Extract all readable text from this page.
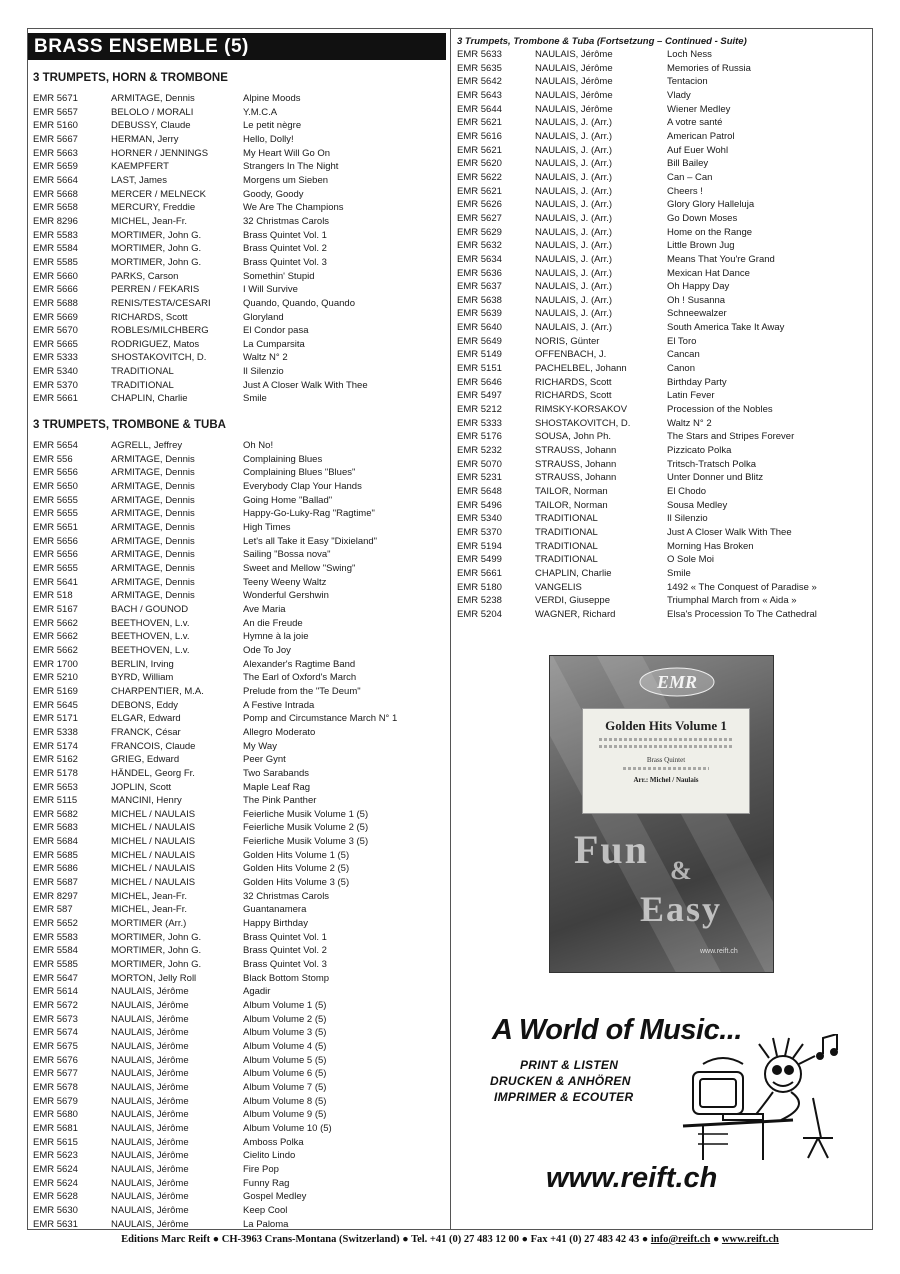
BRASS ENSEMBLE (5)
3 TRUMPETS, HORN & TROMBONE
EMR 5671	ARMITAGE, Dennis	Alpine Moods
EMR 5657	BELOLO / MORALI	Y.M.C.A
EMR 5160	DEBUSSY, Claude	Le petit nègre
EMR 5667	HERMAN, Jerry	Hello, Dolly!
EMR 5663	HORNER / JENNINGS	My Heart Will Go On
EMR 5659	KAEMPFERT	Strangers In The Night
EMR 5664	LAST, James	Morgens um Sieben
EMR 5668	MERCER / MELNECK	Goody, Goody
EMR 5658	MERCURY, Freddie	We Are The Champions
EMR 8296	MICHEL, Jean-Fr.	32 Christmas Carols
EMR 5583	MORTIMER, John G.	Brass Quintet Vol. 1
EMR 5584	MORTIMER, John G.	Brass Quintet Vol. 2
EMR 5585	MORTIMER, John G.	Brass Quintet Vol. 3
EMR 5660	PARKS, Carson	Somethin' Stupid
EMR 5666	PERREN / FEKARIS	I Will Survive
EMR 5688	RENIS/TESTA/CESARI	Quando, Quando, Quando
EMR 5669	RICHARDS, Scott	Gloryland
EMR 5670	ROBLES/MILCHBERG	El Condor pasa
EMR 5665	RODRIGUEZ, Matos	La Cumparsita
EMR 5333	SHOSTAKOVITCH, D.	Waltz N° 2
EMR 5340	TRADITIONAL	Il Silenzio
EMR 5370	TRADITIONAL	Just A Closer Walk With Thee
EMR 5661	CHAPLIN, Charlie	Smile
3 TRUMPETS, TROMBONE & TUBA
EMR 5654	AGRELL, Jeffrey	Oh No!
EMR 556	ARMITAGE, Dennis	Complaining Blues
EMR 5656	ARMITAGE, Dennis	Complaining Blues "Blues"
EMR 5650	ARMITAGE, Dennis	Everybody Clap Your Hands
EMR 5655	ARMITAGE, Dennis	Going Home "Ballad"
EMR 5655	ARMITAGE, Dennis	Happy-Go-Luky-Rag "Ragtime"
EMR 5651	ARMITAGE, Dennis	High Times
EMR 5656	ARMITAGE, Dennis	Let's all Take it Easy "Dixieland"
EMR 5656	ARMITAGE, Dennis	Sailing "Bossa nova"
EMR 5655	ARMITAGE, Dennis	Sweet and Mellow "Swing"
EMR 5641	ARMITAGE, Dennis	Teeny Weeny Waltz
EMR 518	ARMITAGE, Dennis	Wonderful Gershwin
EMR 5167	BACH / GOUNOD	Ave Maria
EMR 5662	BEETHOVEN, L.v.	An die Freude
EMR 5662	BEETHOVEN, L.v.	Hymne à la joie
EMR 5662	BEETHOVEN, L.v.	Ode To Joy
EMR 1700	BERLIN, Irving	Alexander's Ragtime Band
EMR 5210	BYRD, William	The Earl of Oxford's March
EMR 5169	CHARPENTIER, M.A.	Prelude from the "Te Deum"
EMR 5645	DEBONS, Eddy	A Festive Intrada
EMR 5171	ELGAR, Edward	Pomp and Circumstance March N° 1
EMR 5338	FRANCK, César	Allegro Moderato
EMR 5174	FRANCOIS, Claude	My Way
EMR 5162	GRIEG, Edward	Peer Gynt
EMR 5178	HÄNDEL, Georg Fr.	Two Sarabands
EMR 5653	JOPLIN, Scott	Maple Leaf Rag
EMR 5115	MANCINI, Henry	The Pink Panther
EMR 5682	MICHEL / NAULAIS	Feierliche Musik Volume 1 (5)
EMR 5683	MICHEL / NAULAIS	Feierliche Musik Volume 2 (5)
EMR 5684	MICHEL / NAULAIS	Feierliche Musik Volume 3 (5)
EMR 5685	MICHEL / NAULAIS	Golden Hits Volume 1 (5)
EMR 5686	MICHEL / NAULAIS	Golden Hits Volume 2 (5)
EMR 5687	MICHEL / NAULAIS	Golden Hits Volume 3 (5)
EMR 8297	MICHEL, Jean-Fr.	32 Christmas Carols
EMR 587	MICHEL, Jean-Fr.	Guantanamera
EMR 5652	MORTIMER (Arr.)	Happy Birthday
EMR 5583	MORTIMER, John G.	Brass Quintet Vol. 1
EMR 5584	MORTIMER, John G.	Brass Quintet Vol. 2
EMR 5585	MORTIMER, John G.	Brass Quintet Vol. 3
EMR 5647	MORTON, Jelly Roll	Black Bottom Stomp
EMR 5614	NAULAIS, Jérôme	Agadir
EMR 5672	NAULAIS, Jérôme	Album Volume 1 (5)
EMR 5673	NAULAIS, Jérôme	Album Volume 2 (5)
EMR 5674	NAULAIS, Jérôme	Album Volume 3 (5)
EMR 5675	NAULAIS, Jérôme	Album Volume 4 (5)
EMR 5676	NAULAIS, Jérôme	Album Volume 5 (5)
EMR 5677	NAULAIS, Jérôme	Album Volume 6 (5)
EMR 5678	NAULAIS, Jérôme	Album Volume 7 (5)
EMR 5679	NAULAIS, Jérôme	Album Volume 8 (5)
EMR 5680	NAULAIS, Jérôme	Album Volume 9 (5)
EMR 5681	NAULAIS, Jérôme	Album Volume 10 (5)
EMR 5615	NAULAIS, Jérôme	Amboss Polka
EMR 5623	NAULAIS, Jérôme	Cielito Lindo
EMR 5624	NAULAIS, Jérôme	Fire Pop
EMR 5624	NAULAIS, Jérôme	Funny Rag
EMR 5628	NAULAIS, Jérôme	Gospel Medley
EMR 5630	NAULAIS, Jérôme	Keep Cool
EMR 5631	NAULAIS, Jérôme	La Paloma
3 Trumpets, Trombone & Tuba (Fortsetzung – Continued - Suite)
EMR 5633	NAULAIS, Jérôme	Loch Ness
EMR 5635	NAULAIS, Jérôme	Memories of Russia
EMR 5642	NAULAIS, Jérôme	Tentacion
EMR 5643	NAULAIS, Jérôme	Vlady
EMR 5644	NAULAIS, Jérôme	Wiener Medley
EMR 5621	NAULAIS, J. (Arr.)	A votre santé
EMR 5616	NAULAIS, J. (Arr.)	American Patrol
EMR 5621	NAULAIS, J. (Arr.)	Auf Euer Wohl
EMR 5620	NAULAIS, J. (Arr.)	Bill Bailey
EMR 5622	NAULAIS, J. (Arr.)	Can – Can
EMR 5621	NAULAIS, J. (Arr.)	Cheers !
EMR 5626	NAULAIS, J. (Arr.)	Glory Glory Halleluja
EMR 5627	NAULAIS, J. (Arr.)	Go Down Moses
EMR 5629	NAULAIS, J. (Arr.)	Home on the Range
EMR 5632	NAULAIS, J. (Arr.)	Little Brown Jug
EMR 5634	NAULAIS, J. (Arr.)	Means That You're Grand
EMR 5636	NAULAIS, J. (Arr.)	Mexican Hat Dance
EMR 5637	NAULAIS, J. (Arr.)	Oh Happy Day
EMR 5638	NAULAIS, J. (Arr.)	Oh ! Susanna
EMR 5639	NAULAIS, J. (Arr.)	Schneewalzer
EMR 5640	NAULAIS, J. (Arr.)	South America Take It Away
EMR 5649	NORIS, Günter	El Toro
EMR 5149	OFFENBACH, J.	Cancan
EMR 5151	PACHELBEL, Johann	Canon
EMR 5646	RICHARDS, Scott	Birthday Party
EMR 5497	RICHARDS, Scott	Latin Fever
EMR 5212	RIMSKY-KORSAKOV	Procession of the Nobles
EMR 5333	SHOSTAKOVITCH, D.	Waltz N° 2
EMR 5176	SOUSA, John Ph.	The Stars and Stripes Forever
EMR 5232	STRAUSS, Johann	Pizzicato Polka
EMR 5070	STRAUSS, Johann	Tritsch-Tratsch Polka
EMR 5231	STRAUSS, Johann	Unter Donner und Blitz
EMR 5648	TAILOR, Norman	El Chodo
EMR 5496	TAILOR, Norman	Sousa Medley
EMR 5340	TRADITIONAL	Il Silenzio
EMR 5370	TRADITIONAL	Just A Closer Walk With Thee
EMR 5194	TRADITIONAL	Morning Has Broken
EMR 5499	TRADITIONAL	O Sole Moi
EMR 5661	CHAPLIN, Charlie	Smile
EMR 5180	VANGELIS	1492 « The Conquest of Paradise »
EMR 5238	VERDI, Giuseppe	Triumphal March from « Aida »
EMR 5204	WAGNER, Richard	Elsa's Procession To The Cathedral
EMR
Golden Hits Volume 1
Brass Quintet
Arr.: Michel / Naulais
Fun &
Easy
www.reift.ch
A World of Music...
PRINT & LISTEN
DRUCKEN & ANHÖREN
IMPRIMER & ECOUTER
www.reift.ch
Editions Marc Reift ● CH-3963 Crans-Montana (Switzerland) ● Tel. +41 (0) 27 483 12 00 ● Fax +41 (0) 27 483 42 43 ● info@reift.ch ● www.reift.ch
